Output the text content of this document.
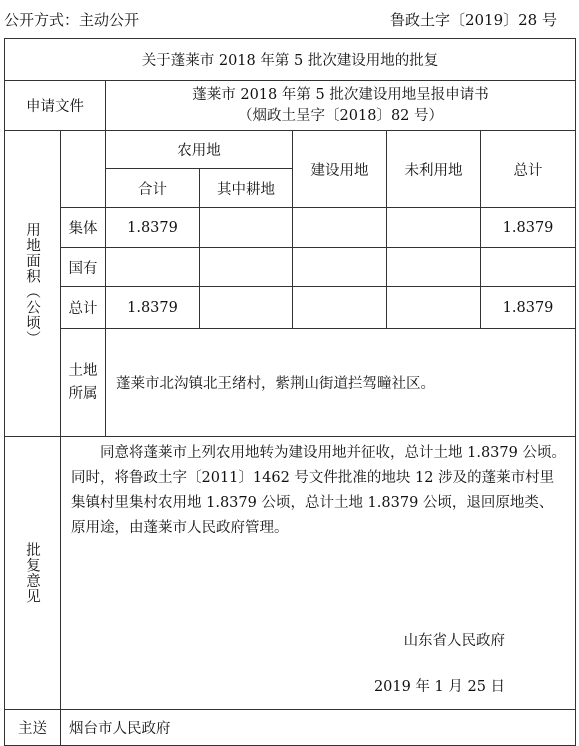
公开方式：主动公开	鲁政土字〔2019〕28 号
关于蓬莱市 2018 年第 5 批次建设用地的批复						
申请文件		蓬莱市 2018 年第 5 批次建设用地呈报申请书
（烟政土呈字〔2018〕82 号）				

用地面积（公顷）		农用地		建设用地	未利用地	总计
		合计	其中耕地			
	集体	1.8379				1.8379
	国有					
	总计	1.8379				1.8379

	土地所属	蓬莱市北沟镇北王绪村，紫荆山街道拦驾疃社区。				

批复意见	同意将蓬莱市上列农用地转为建设用地并征收，总计土地 1.8379 公顷。同时，将鲁政土字〔2011〕1462 号文件批准的地块 12 涉及的蓬莱市村里集镇村里集村农用地 1.8379 公顷，总计土地 1.8379 公顷，退回原地类、原用途，由蓬莱市人民政府管理。
山东省人民政府
2019 年 1 月 25 日					

主送	烟台市人民政府					
